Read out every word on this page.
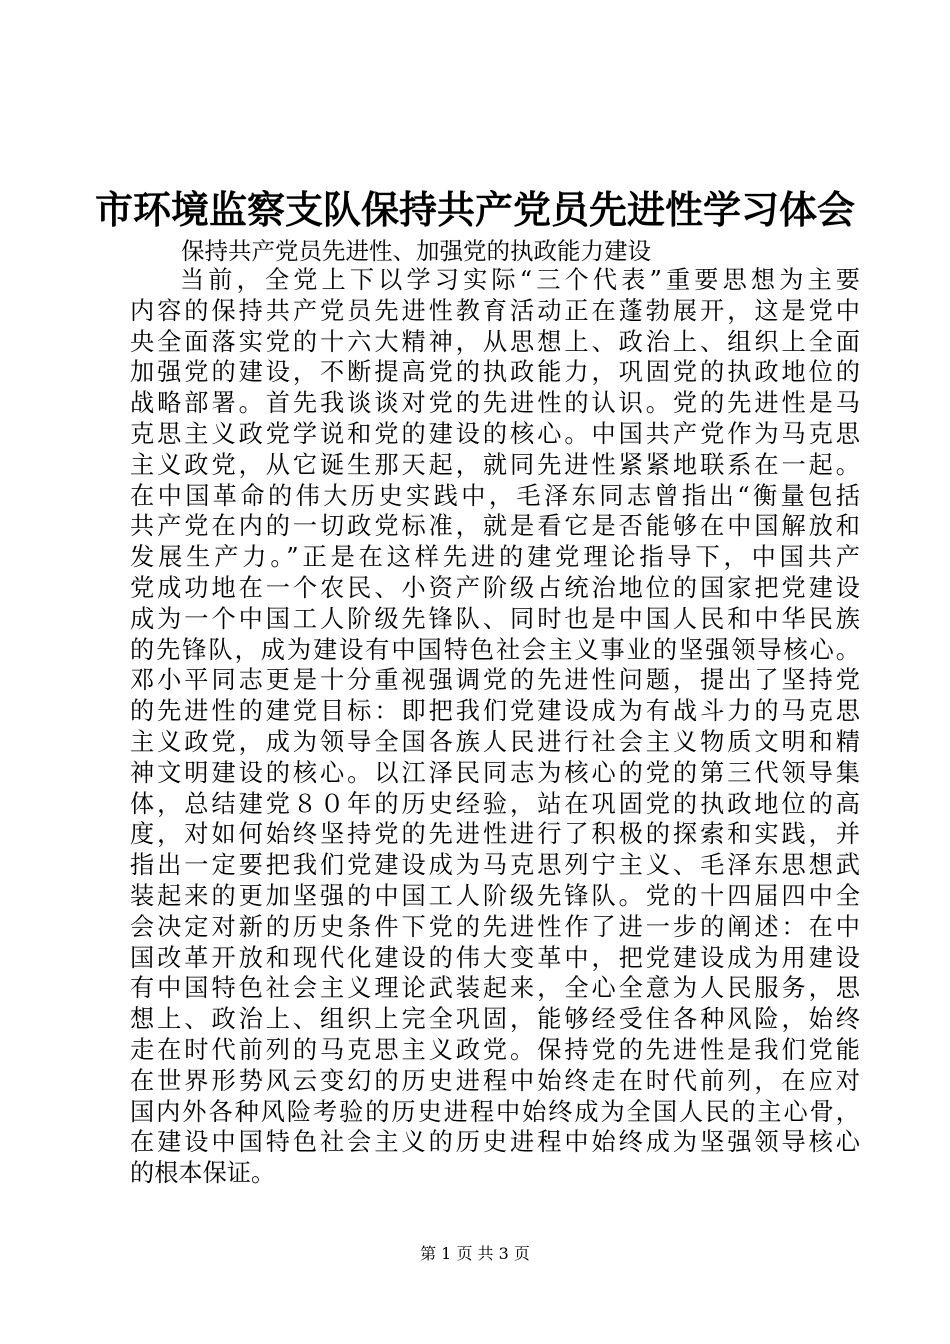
市环境监察支队保持共产党员先进性学习体会
保持共产党员先进性、加强党的执政能力建设
当前，全党上下以学习实际“三个代表”重要思想为主要
内容的保持共产党员先进性教育活动正在蓬勃展开，这是党中
央全面落实党的十六大精神，从思想上、政治上、组织上全面
加强党的建设，不断提高党的执政能力，巩固党的执政地位的
战略部署。首先我谈谈对党的先进性的认识。党的先进性是马
克思主义政党学说和党的建设的核心。中国共产党作为马克思
主义政党，从它诞生那天起，就同先进性紧紧地联系在一起。
在中国革命的伟大历史实践中，毛泽东同志曾指出“衡量包括
共产党在内的一切政党标准，就是看它是否能够在中国解放和
发展生产力。”正是在这样先进的建党理论指导下，中国共产
党成功地在一个农民、小资产阶级占统治地位的国家把党建设
成为一个中国工人阶级先锋队、同时也是中国人民和中华民族
的先锋队，成为建设有中国特色社会主义事业的坚强领导核心。
邓小平同志更是十分重视强调党的先进性问题，提出了坚持党
的先进性的建党目标：即把我们党建设成为有战斗力的马克思
主义政党，成为领导全国各族人民进行社会主义物质文明和精
神文明建设的核心。以江泽民同志为核心的党的第三代领导集
体，总结建党８０年的历史经验，站在巩固党的执政地位的高
度，对如何始终坚持党的先进性进行了积极的探索和实践，并
指出一定要把我们党建设成为马克思列宁主义、毛泽东思想武
装起来的更加坚强的中国工人阶级先锋队。党的十四届四中全
会决定对新的历史条件下党的先进性作了进一步的阐述：在中
国改革开放和现代化建设的伟大变革中，把党建设成为用建设
有中国特色社会主义理论武装起来，全心全意为人民服务，思
想上、政治上、组织上完全巩固，能够经受住各种风险，始终
走在时代前列的马克思主义政党。保持党的先进性是我们党能
在世界形势风云变幻的历史进程中始终走在时代前列，在应对
国内外各种风险考验的历史进程中始终成为全国人民的主心骨，
在建设中国特色社会主义的历史进程中始终成为坚强领导核心
的根本保证。
第 1 页 共 3 页
